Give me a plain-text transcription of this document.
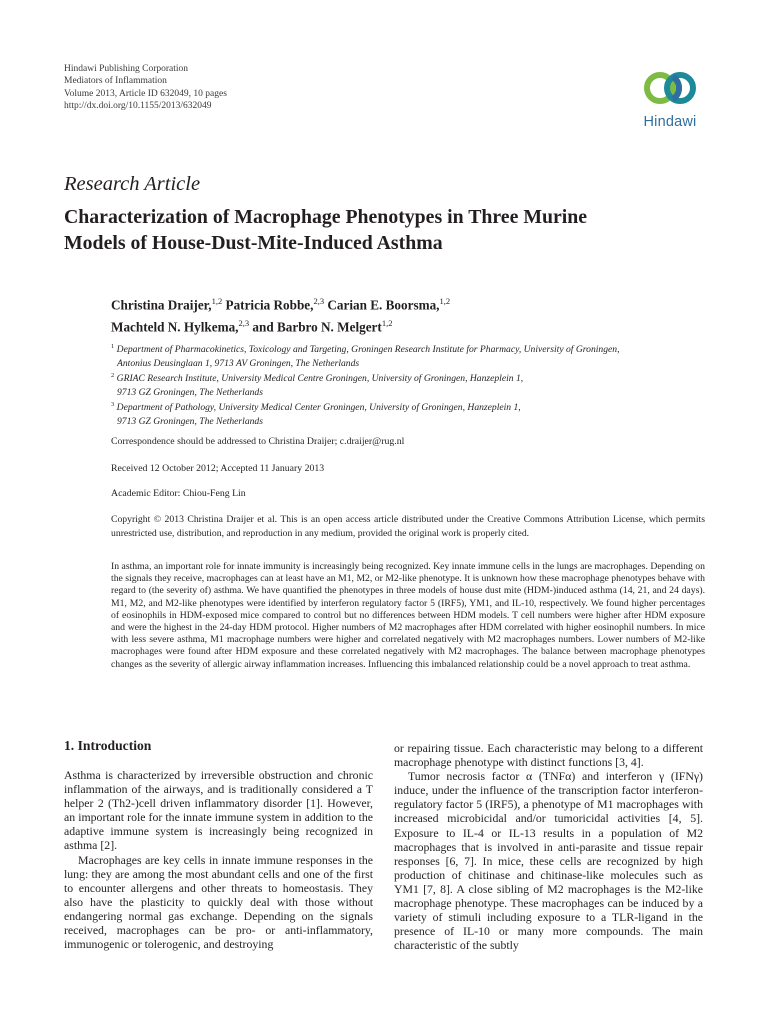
Hindawi Publishing Corporation
Mediators of Inflammation
Volume 2013, Article ID 632049, 10 pages
http://dx.doi.org/10.1155/2013/632049
Hindawi
Research Article
Characterization of Macrophage Phenotypes in Three Murine
Models of House-Dust-Mite-Induced Asthma
Christina Draijer,$^{1,2}$ Patricia Robbe,$^{2,3}$ Carian E. Boorsma,$^{1,2}$
Machteld N. Hylkema,$^{2,3}$ and Barbro N. Melgert$^{1,2}$
$^1$ Department of Pharmacokinetics, Toxicology and Targeting, Groningen Research Institute for Pharmacy, University of Groningen,
Antonius Deusinglaan 1, 9713 AV Groningen, The Netherlands
$^2$ GRIAC Research Institute, University Medical Centre Groningen, University of Groningen, Hanzeplein 1,
9713 GZ Groningen, The Netherlands
$^3$ Department of Pathology, University Medical Center Groningen, University of Groningen, Hanzeplein 1,
9713 GZ Groningen, The Netherlands
Correspondence should be addressed to Christina Draijer; c.draijer@rug.nl
Received 12 October 2012; Accepted 11 January 2013
Academic Editor: Chiou-Feng Lin
Copyright © 2013 Christina Draijer et al. This is an open access article distributed under the Creative Commons Attribution License, which permits unrestricted use, distribution, and reproduction in any medium, provided the original work is properly cited.
In asthma, an important role for innate immunity is increasingly being recognized. Key innate immune cells in the lungs are macrophages. Depending on the signals they receive, macrophages can at least have an M1, M2, or M2-like phenotype. It is unknown how these macrophage phenotypes behave with regard to (the severity of) asthma. We have quantified the phenotypes in three models of house dust mite (HDM-)induced asthma (14, 21, and 24 days). M1, M2, and M2-like phenotypes were identified by interferon regulatory factor 5 (IRF5), YM1, and IL-10, respectively. We found higher percentages of eosinophils in HDM-exposed mice compared to control but no differences between HDM models. T cell numbers were higher after HDM exposure and were the highest in the 24-day HDM protocol. Higher numbers of M2 macrophages after HDM correlated with higher eosinophil numbers. In mice with less severe asthma, M1 macrophage numbers were higher and correlated negatively with M2 macrophages numbers. Lower numbers of M2-like macrophages were found after HDM exposure and these correlated negatively with M2 macrophages. The balance between macrophage phenotypes changes as the severity of allergic airway inflammation increases. Influencing this imbalanced relationship could be a novel approach to treat asthma.
1. Introduction

Asthma is characterized by irreversible obstruction and chronic inflammation of the airways, and is traditionally considered a T helper 2 (Th2-)cell driven inflammatory disorder [1]. However, an important role for the innate immune system in addition to the adaptive immune system is increasingly being recognized in asthma [2].

Macrophages are key cells in innate immune responses in the lung: they are among the most abundant cells and one of the first to encounter allergens and other threats to homeostasis. They also have the plasticity to quickly deal with those without endangering normal gas exchange. Depending on the signals received, macrophages can be pro- or anti-inflammatory, immunogenic or tolerogenic, and destroying

or repairing tissue. Each characteristic may belong to a different macrophage phenotype with distinct functions [3, 4].

Tumor necrosis factor α (TNFα) and interferon γ (IFNγ) induce, under the influence of the transcription factor interferon-regulatory factor 5 (IRF5), a phenotype of M1 macrophages with increased microbicidal and/or tumoricidal activities [4, 5]. Exposure to IL-4 or IL-13 results in a population of M2 macrophages that is involved in anti-parasite and tissue repair responses [6, 7]. In mice, these cells are recognized by high production of chitinase and chitinase-like molecules such as YM1 [7, 8]. A close sibling of M2 macrophages is the M2-like macrophage phenotype. These macrophages can be induced by a variety of stimuli including exposure to a TLR-ligand in the presence of IL-10 or many more compounds. The main characteristic of the subtly
